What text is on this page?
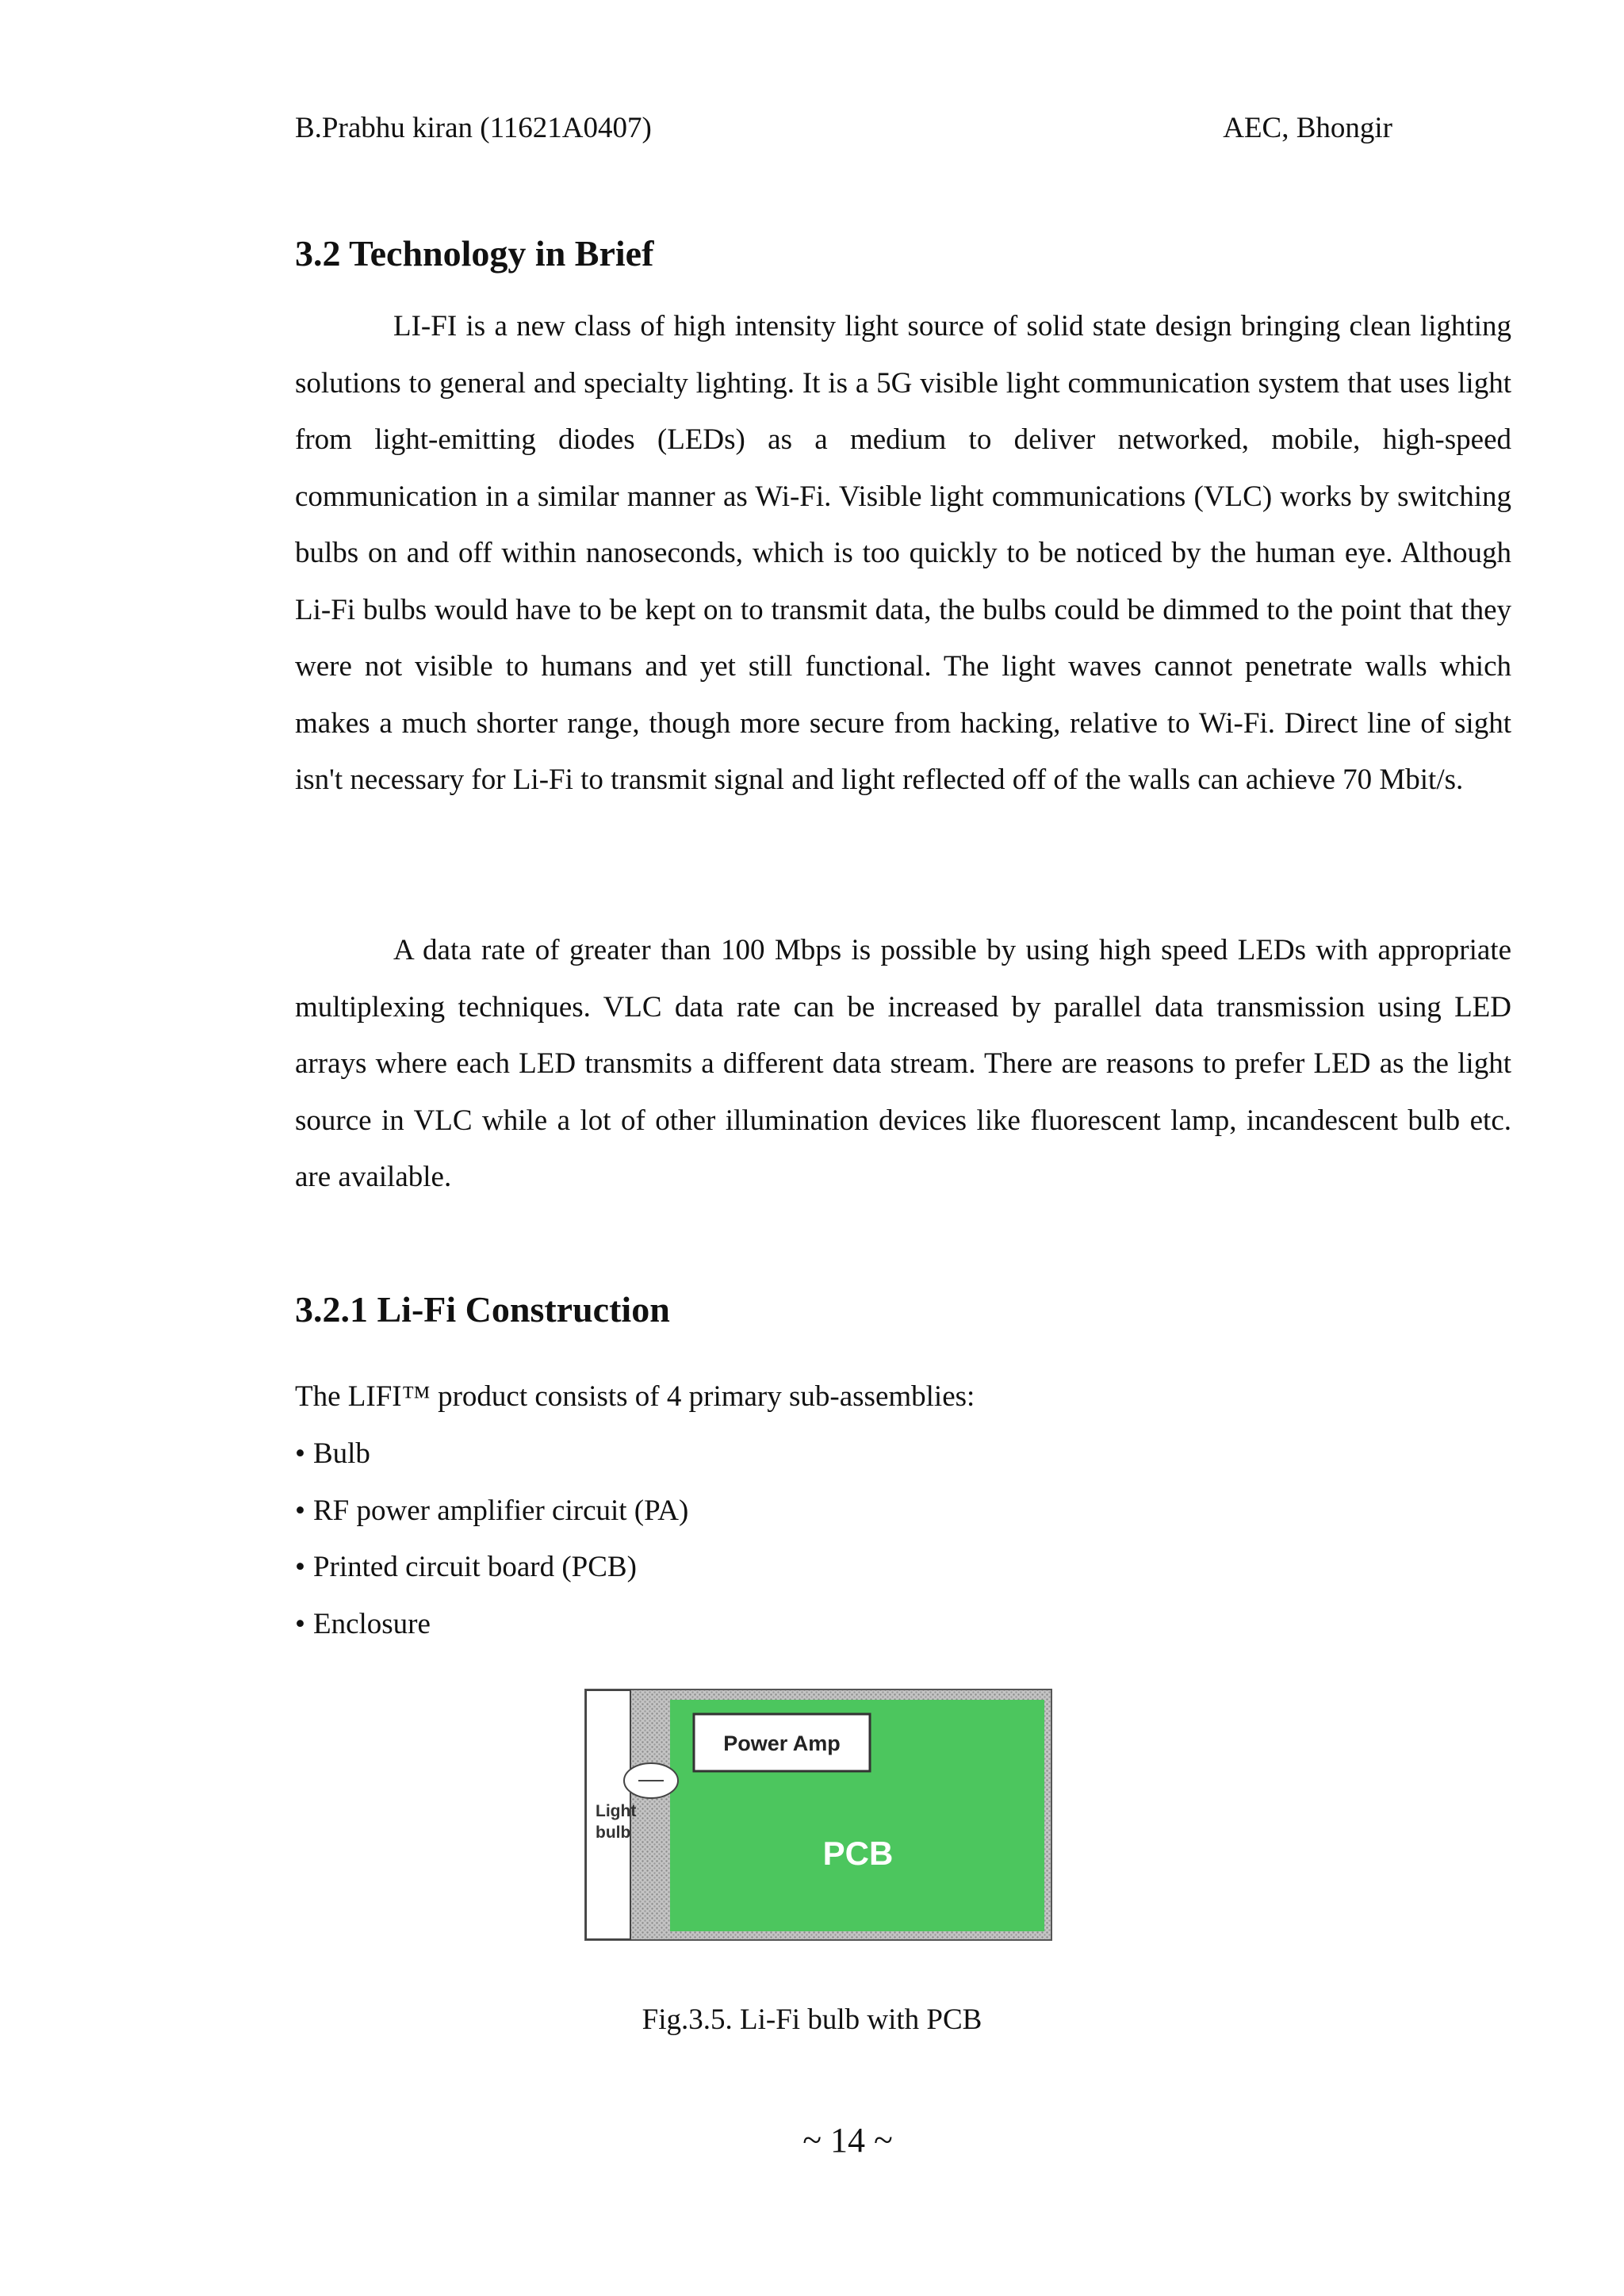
B.Prabhu kiran (11621A0407)	AEC, Bhongir
3.2 Technology in Brief

LI-FI is a new class of high intensity light source of solid state design bringing clean lighting solutions to general and specialty lighting. It is a 5G visible light communication system that uses light from light-emitting diodes (LEDs) as a medium to deliver networked, mobile, high-speed communication in a similar manner as Wi-Fi. Visible light communications (VLC) works by switching bulbs on and off within nanoseconds, which is too quickly to be noticed by the human eye. Although Li-Fi bulbs would have to be kept on to transmit data, the bulbs could be dimmed to the point that they were not visible to humans and yet still functional. The light waves cannot penetrate walls which makes a much shorter range, though more secure from hacking, relative to Wi-Fi. Direct line of sight isn't necessary for Li-Fi to transmit signal and light reflected off of the walls can achieve 70 Mbit/s.

A data rate of greater than 100 Mbps is possible by using high speed LEDs with appropriate multiplexing techniques. VLC data rate can be increased by parallel data transmission using LED arrays where each LED transmits a different data stream. There are reasons to prefer LED as the light source in VLC while a lot of other illumination devices like fluorescent lamp, incandescent bulb etc. are available.

3.2.1 Li-Fi Construction

The LIFI™ product consists of 4 primary sub-assemblies:

• Bulb
• RF power amplifier circuit (PA)
• Printed circuit board (PCB)
• Enclosure
Power Amp
Light
bulb
PCB

Fig.3.5. Li-Fi bulb with PCB

~ 14 ~
